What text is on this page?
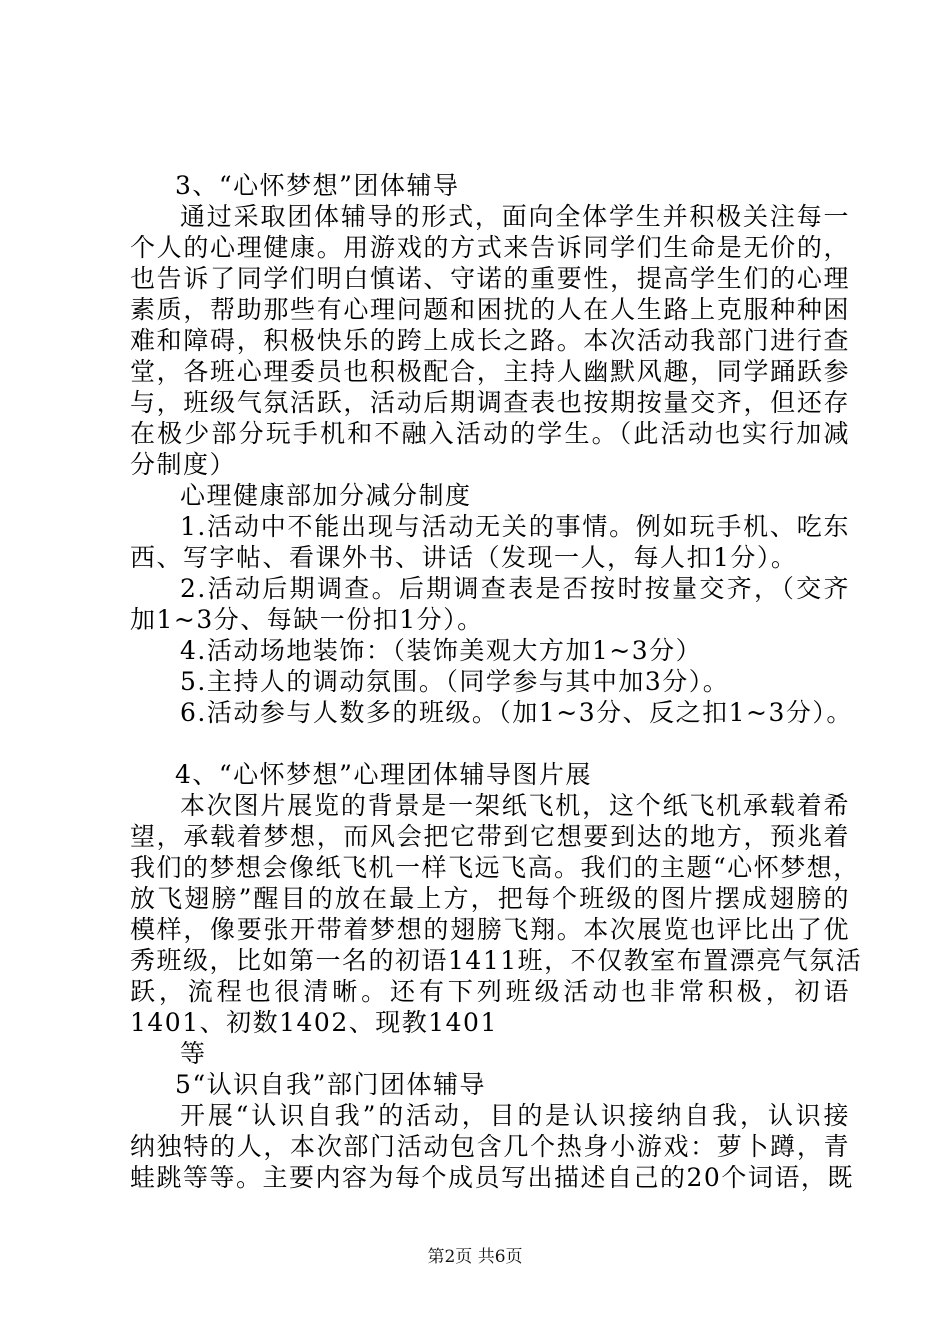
3、“心怀梦想”团体辅导
通过采取团体辅导的形式，面向全体学生并积极关注每一
个人的心理健康。用游戏的方式来告诉同学们生命是无价的，
也告诉了同学们明白慎诺、守诺的重要性，提高学生们的心理
素质，帮助那些有心理问题和困扰的人在人生路上克服种种困
难和障碍，积极快乐的跨上成长之路。本次活动我部门进行查
堂，各班心理委员也积极配合，主持人幽默风趣，同学踊跃参
与，班级气氛活跃，活动后期调查表也按期按量交齐，但还存
在极少部分玩手机和不融入活动的学生。（此活动也实行加减
分制度）
心理健康部加分减分制度
1.活动中不能出现与活动无关的事情。例如玩手机、吃东
西、写字帖、看课外书、讲话（发现一人，每人扣1分）。
2.活动后期调查。后期调查表是否按时按量交齐，（交齐
加1~3分、每缺一份扣1分）。
4.活动场地装饰：（装饰美观大方加1~3分）
5.主持人的调动氛围。（同学参与其中加3分）。
6.活动参与人数多的班级。（加1~3分、反之扣1~3分）。
4、“心怀梦想”心理团体辅导图片展
本次图片展览的背景是一架纸飞机，这个纸飞机承载着希
望，承载着梦想，而风会把它带到它想要到达的地方，预兆着
我们的梦想会像纸飞机一样飞远飞高。我们的主题“心怀梦想，
放飞翅膀”醒目的放在最上方，把每个班级的图片摆成翅膀的
模样，像要张开带着梦想的翅膀飞翔。本次展览也评比出了优
秀班级，比如第一名的初语1411班，不仅教室布置漂亮气氛活
跃，流程也很清晰。还有下列班级活动也非常积极，初语
1401、初数1402、现教1401
等
5“认识自我”部门团体辅导
开展“认识自我”的活动，目的是认识接纳自我，认识接
纳独特的人，本次部门活动包含几个热身小游戏：萝卜蹲，青
蛙跳等等。主要内容为每个成员写出描述自己的20个词语，既
第2页 共6页
